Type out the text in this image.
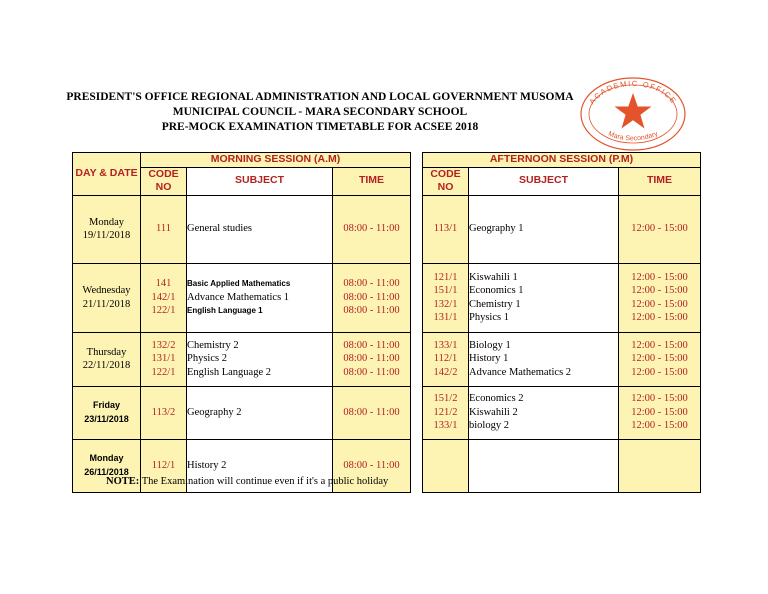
PRESIDENT'S OFFICE REGIONAL ADMINISTRATION AND LOCAL GOVERNMENT MUSOMA
MUNICIPAL COUNCIL - MARA SECONDARY SCHOOL
PRE-MOCK EXAMINATION TIMETABLE FOR ACSEE 2018
ACADEMIC OFFICE
Mara Secondary
DAY & DATE	MORNING SESSION (A.M)				AFTERNOON SESSION (P.M)		
	CODE NO	SUBJECT	TIME		CODE NO	SUBJECT	TIME

Monday
19/11/2018	111	General studies	08:00 - 11:00		113/1	Geography 1	12:00 - 15:00

Wednesday
21/11/2018	141
142/1
122/1	Basic Applied Mathematics
Advance Mathematics 1
English Language 1	08:00 - 11:00
08:00 - 11:00
08:00 - 11:00		121/1
151/1
132/1
131/1	Kiswahili 1
Economics 1
Chemistry 1
Physics 1	12:00 - 15:00
12:00 - 15:00
12:00 - 15:00
12:00 - 15:00

Thursday
22/11/2018	132/2
131/1
122/1	Chemistry 2
Physics 2
English Language 2	08:00 - 11:00
08:00 - 11:00
08:00 - 11:00		133/1
112/1
142/2	Biology 1
History 1
Advance Mathematics 2	12:00 - 15:00
12:00 - 15:00
12:00 - 15:00

Friday
23/11/2018	113/2	Geography 2	08:00 - 11:00		151/2
121/2
133/1	Economics 2
Kiswahili 2
biology 2	12:00 - 15:00
12:00 - 15:00
12:00 - 15:00

Monday
26/11/2018	112/1	History 2	08:00 - 11:00				

NOTE: The Examination will continue even if it's a public holiday
